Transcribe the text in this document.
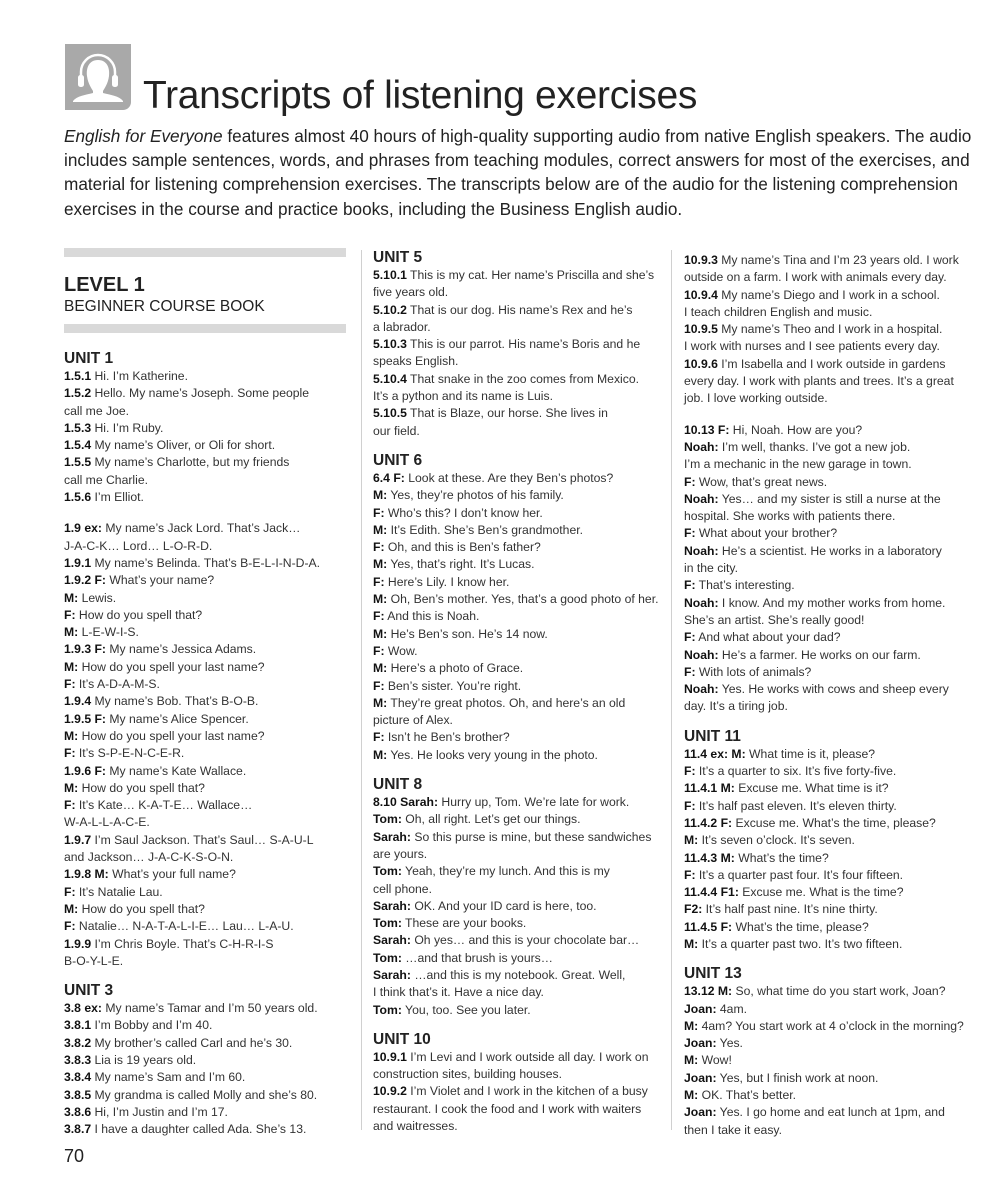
Transcripts of listening exercises

English for Everyone features almost 40 hours of high-quality supporting audio from native English speakers. The audio includes sample sentences, words, and phrases from teaching modules, correct answers for most of the exercises, and material for listening comprehension exercises. The transcripts below are of the audio for the listening comprehension exercises in the course and practice books, including the Business English audio.

LEVEL 1
BEGINNER COURSE BOOK
UNIT 1
1.5.1 Hi. I’m Katherine.
1.5.2 Hello. My name’s Joseph. Some people
call me Joe.
1.5.3 Hi. I’m Ruby.
1.5.4 My name’s Oliver, or Oli for short.
1.5.5 My name’s Charlotte, but my friends
call me Charlie.
1.5.6 I’m Elliot.
1.9 ex: My name’s Jack Lord. That’s Jack…
J-A-C-K… Lord… L-O-R-D.
1.9.1 My name’s Belinda. That’s B-E-L-I-N-D-A.
1.9.2 F: What’s your name?
M: Lewis.
F: How do you spell that?
M: L-E-W-I-S.
1.9.3 F: My name’s Jessica Adams.
M: How do you spell your last name?
F: It’s A-D-A-M-S.
1.9.4 My name’s Bob. That’s B-O-B.
1.9.5 F: My name’s Alice Spencer.
M: How do you spell your last name?
F: It’s S-P-E-N-C-E-R.
1.9.6 F: My name’s Kate Wallace.
M: How do you spell that?
F: It’s Kate… K-A-T-E… Wallace…
W-A-L-L-A-C-E.
1.9.7 I’m Saul Jackson. That’s Saul… S-A-U-L
and Jackson… J-A-C-K-S-O-N.
1.9.8 M: What’s your full name?
F: It’s Natalie Lau.
M: How do you spell that?
F: Natalie… N-A-T-A-L-I-E… Lau… L-A-U.
1.9.9 I’m Chris Boyle. That’s C-H-R-I-S
B-O-Y-L-E.
UNIT 3
3.8 ex: My name’s Tamar and I’m 50 years old.
3.8.1 I’m Bobby and I’m 40.
3.8.2 My brother’s called Carl and he’s 30.
3.8.3 Lia is 19 years old.
3.8.4 My name’s Sam and I’m 60.
3.8.5 My grandma is called Molly and she’s 80.
3.8.6 Hi, I’m Justin and I’m 17.
3.8.7 I have a daughter called Ada. She’s 13.
UNIT 5
5.10.1 This is my cat. Her name’s Priscilla and she’s
five years old.
5.10.2 That is our dog. His name’s Rex and he’s
a labrador.
5.10.3 This is our parrot. His name’s Boris and he
speaks English.
5.10.4 That snake in the zoo comes from Mexico.
It’s a python and its name is Luis.
5.10.5 That is Blaze, our horse. She lives in
our field.
UNIT 6
6.4 F: Look at these. Are they Ben’s photos?
M: Yes, they’re photos of his family.
F: Who’s this? I don’t know her.
M: It’s Edith. She’s Ben’s grandmother.
F: Oh, and this is Ben’s father?
M: Yes, that’s right. It’s Lucas.
F: Here’s Lily. I know her.
M: Oh, Ben’s mother. Yes, that’s a good photo of her.
F: And this is Noah.
M: He’s Ben’s son. He’s 14 now.
F: Wow.
M: Here’s a photo of Grace.
F: Ben’s sister. You’re right.
M: They’re great photos. Oh, and here’s an old
picture of Alex.
F: Isn’t he Ben’s brother?
M: Yes. He looks very young in the photo.
UNIT 8
8.10 Sarah: Hurry up, Tom. We’re late for work.
Tom: Oh, all right. Let’s get our things.
Sarah: So this purse is mine, but these sandwiches
are yours.
Tom: Yeah, they’re my lunch. And this is my
cell phone.
Sarah: OK. And your ID card is here, too.
Tom: These are your books.
Sarah: Oh yes… and this is your chocolate bar…
Tom: …and that brush is yours…
Sarah: …and this is my notebook. Great. Well,
I think that’s it. Have a nice day.
Tom: You, too. See you later.
UNIT 10
10.9.1 I’m Levi and I work outside all day. I work on
construction sites, building houses.
10.9.2 I’m Violet and I work in the kitchen of a busy
restaurant. I cook the food and I work with waiters
and waitresses.
10.9.3 My name’s Tina and I’m 23 years old. I work
outside on a farm. I work with animals every day.
10.9.4 My name’s Diego and I work in a school.
I teach children English and music.
10.9.5 My name’s Theo and I work in a hospital.
I work with nurses and I see patients every day.
10.9.6 I’m Isabella and I work outside in gardens
every day. I work with plants and trees. It’s a great
job. I love working outside.
10.13 F: Hi, Noah. How are you?
Noah: I’m well, thanks. I’ve got a new job.
I’m a mechanic in the new garage in town.
F: Wow, that’s great news.
Noah: Yes… and my sister is still a nurse at the
hospital. She works with patients there.
F: What about your brother?
Noah: He’s a scientist. He works in a laboratory
in the city.
F: That’s interesting.
Noah: I know. And my mother works from home.
She’s an artist. She’s really good!
F: And what about your dad?
Noah: He’s a farmer. He works on our farm.
F: With lots of animals?
Noah: Yes. He works with cows and sheep every
day. It’s a tiring job.
UNIT 11
11.4 ex: M: What time is it, please?
F: It’s a quarter to six. It’s five forty-five.
11.4.1 M: Excuse me. What time is it?
F: It’s half past eleven. It’s eleven thirty.
11.4.2 F: Excuse me. What’s the time, please?
M: It’s seven o’clock. It’s seven.
11.4.3 M: What’s the time?
F: It’s a quarter past four. It’s four fifteen.
11.4.4 F1: Excuse me. What is the time?
F2: It’s half past nine. It’s nine thirty.
11.4.5 F: What’s the time, please?
M: It’s a quarter past two. It’s two fifteen.
UNIT 13
13.12 M: So, what time do you start work, Joan?
Joan: 4am.
M: 4am? You start work at 4 o’clock in the morning?
Joan: Yes.
M: Wow!
Joan: Yes, but I finish work at noon.
M: OK. That’s better.
Joan: Yes. I go home and eat lunch at 1pm, and
then I take it easy.
70
